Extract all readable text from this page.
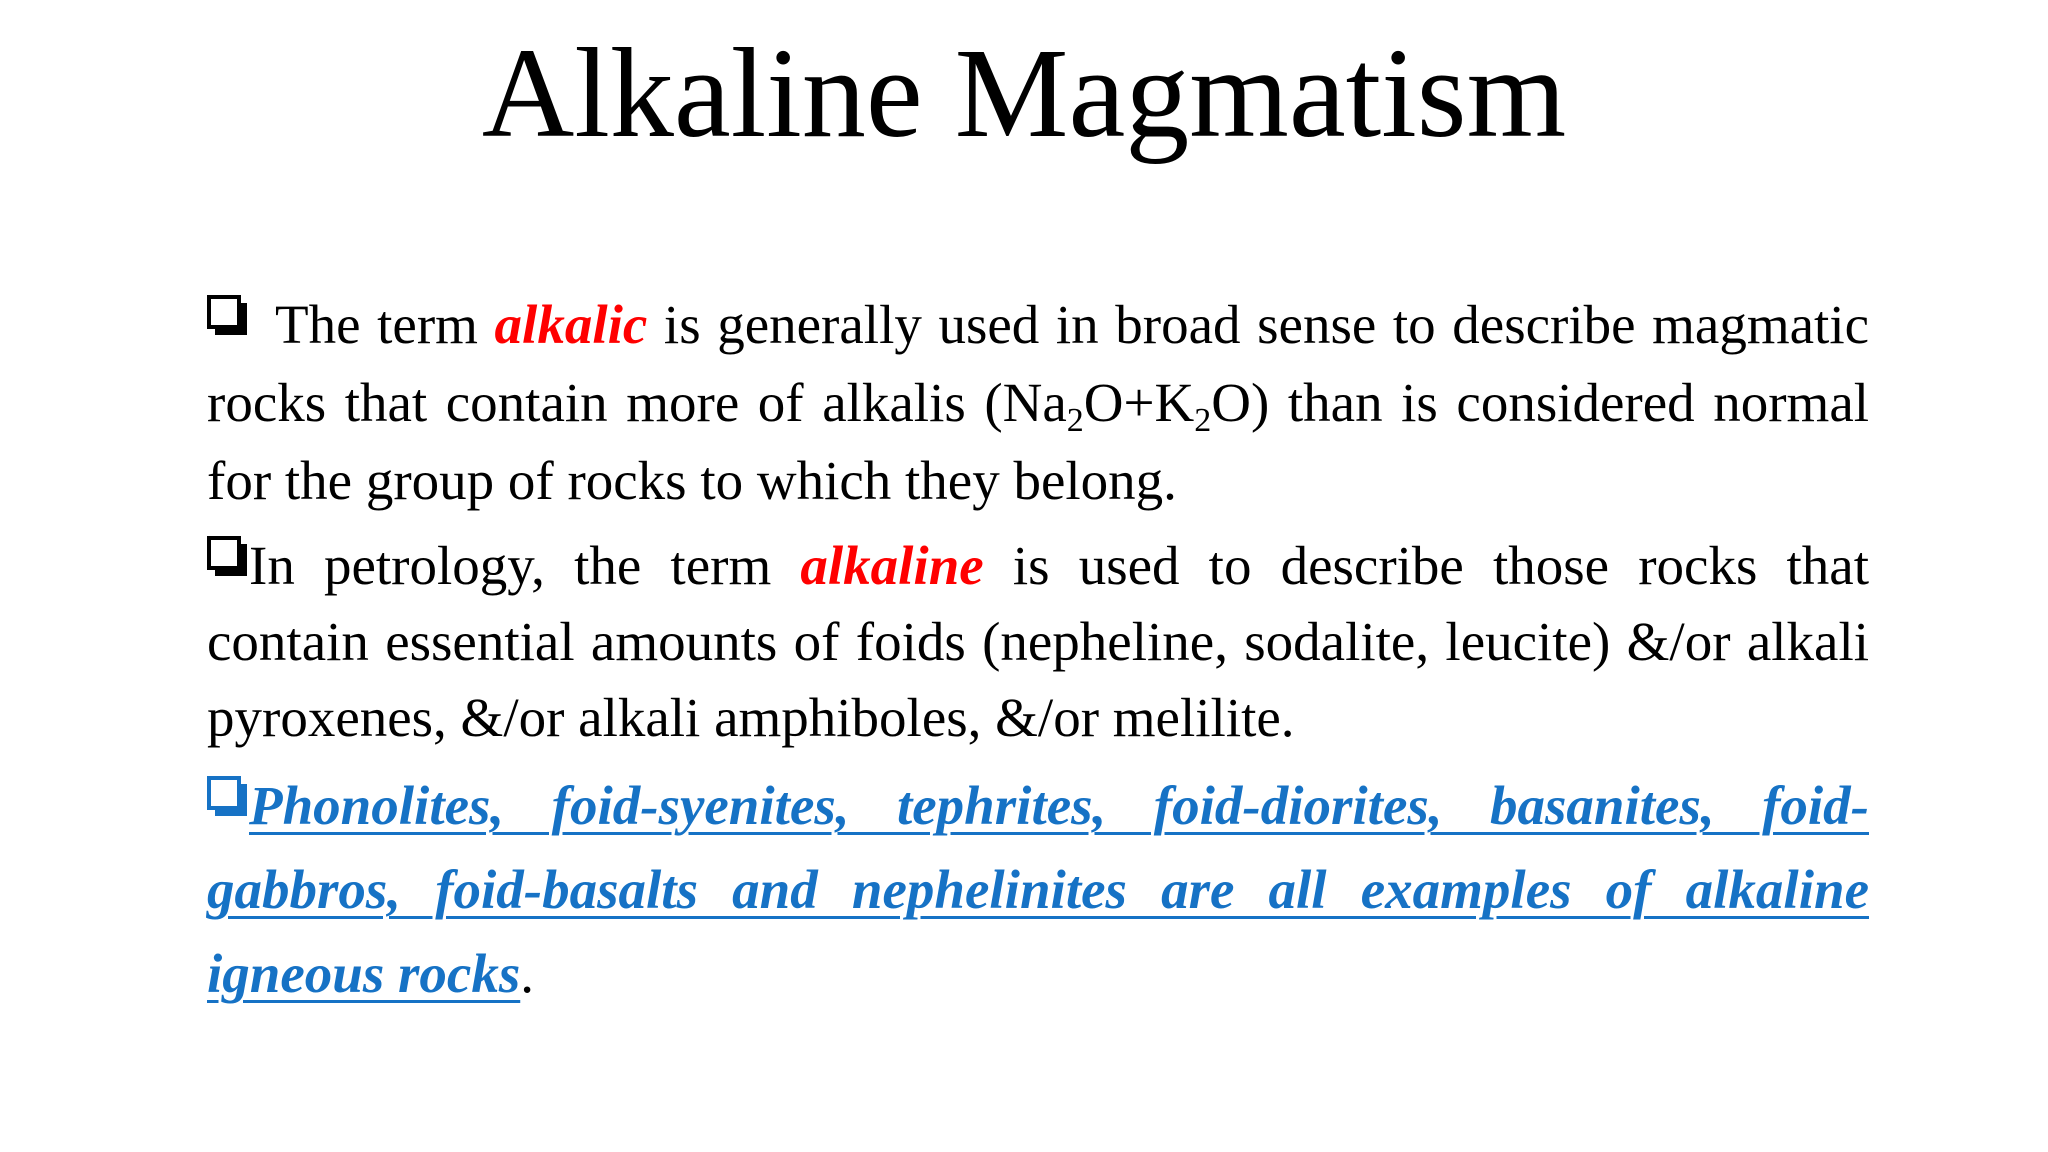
Alkaline Magmatism

The term alkalic is generally used in broad sense to describe magmatic rocks that contain more of alkalis $(Na_2O+K_2O)$ than is considered normal for the group of rocks to which they belong.

In petrology, the term alkaline is used to describe those rocks that contain essential amounts of foids (nepheline, sodalite, leucite) &/or alkali pyroxenes, &/or alkali amphiboles, &/or melilite.

Phonolites, foid-syenites, tephrites, foid-diorites, basanites, foid-gabbros, foid-basalts and nephelinites are all examples of alkaline igneous rocks.
